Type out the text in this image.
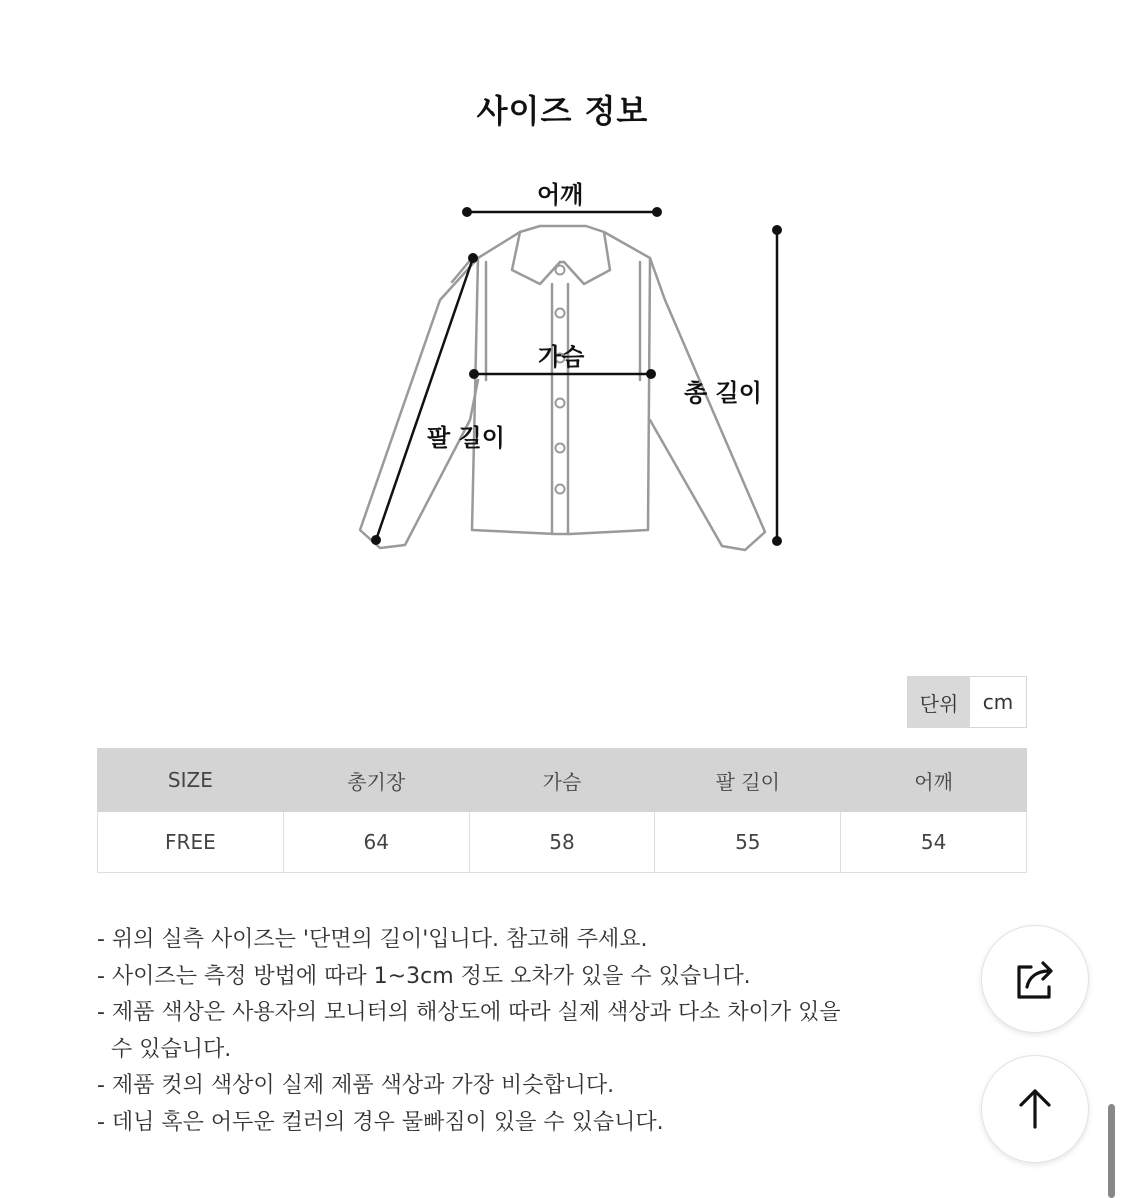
사이즈 정보
어깨
가슴
총 길이
팔 길이
단위	cm
SIZE	총기장	가슴	팔 길이	어깨
FREE	64	58	55	54
- 위의 실측 사이즈는 '단면의 길이'입니다. 참고해 주세요.
- 사이즈는 측정 방법에 따라 1~3cm 정도 오차가 있을 수 있습니다.
- 제품 색상은 사용자의 모니터의 해상도에 따라 실제 색상과 다소 차이가 있을
수 있습니다.
- 제품 컷의 색상이 실제 제품 색상과 가장 비슷합니다.
- 데님 혹은 어두운 컬러의 경우 물빠짐이 있을 수 있습니다.
